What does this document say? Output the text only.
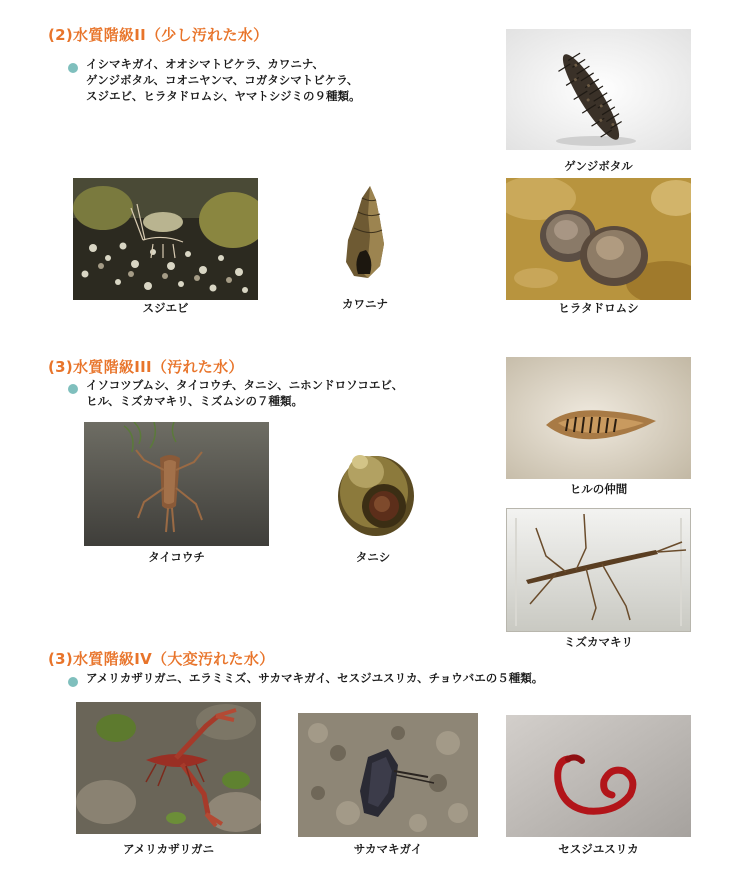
(2)水質階級II（少し汚れた水）
イシマキガイ、オオシマトビケラ、カワニナ、
ゲンジボタル、コオニヤンマ、コガタシマトビケラ、
スジエビ、ヒラタドロムシ、ヤマトシジミの９種類。
ゲンジボタル
スジエビ	カワニナ	ヒラタドロムシ
(3)水質階級III（汚れた水）
イソコツブムシ、タイコウチ、タニシ、ニホンドロソコエビ、
ヒル、ミズカマキリ、ミズムシの７種類。
ヒルの仲間
タイコウチ	タニシ
ミズカマキリ
(3)水質階級IV（大変汚れた水）
アメリカザリガニ、エラミミズ、サカマキガイ、セスジユスリカ、チョウバエの５種類。
アメリカザリガニ	サカマキガイ	セスジユスリカ
